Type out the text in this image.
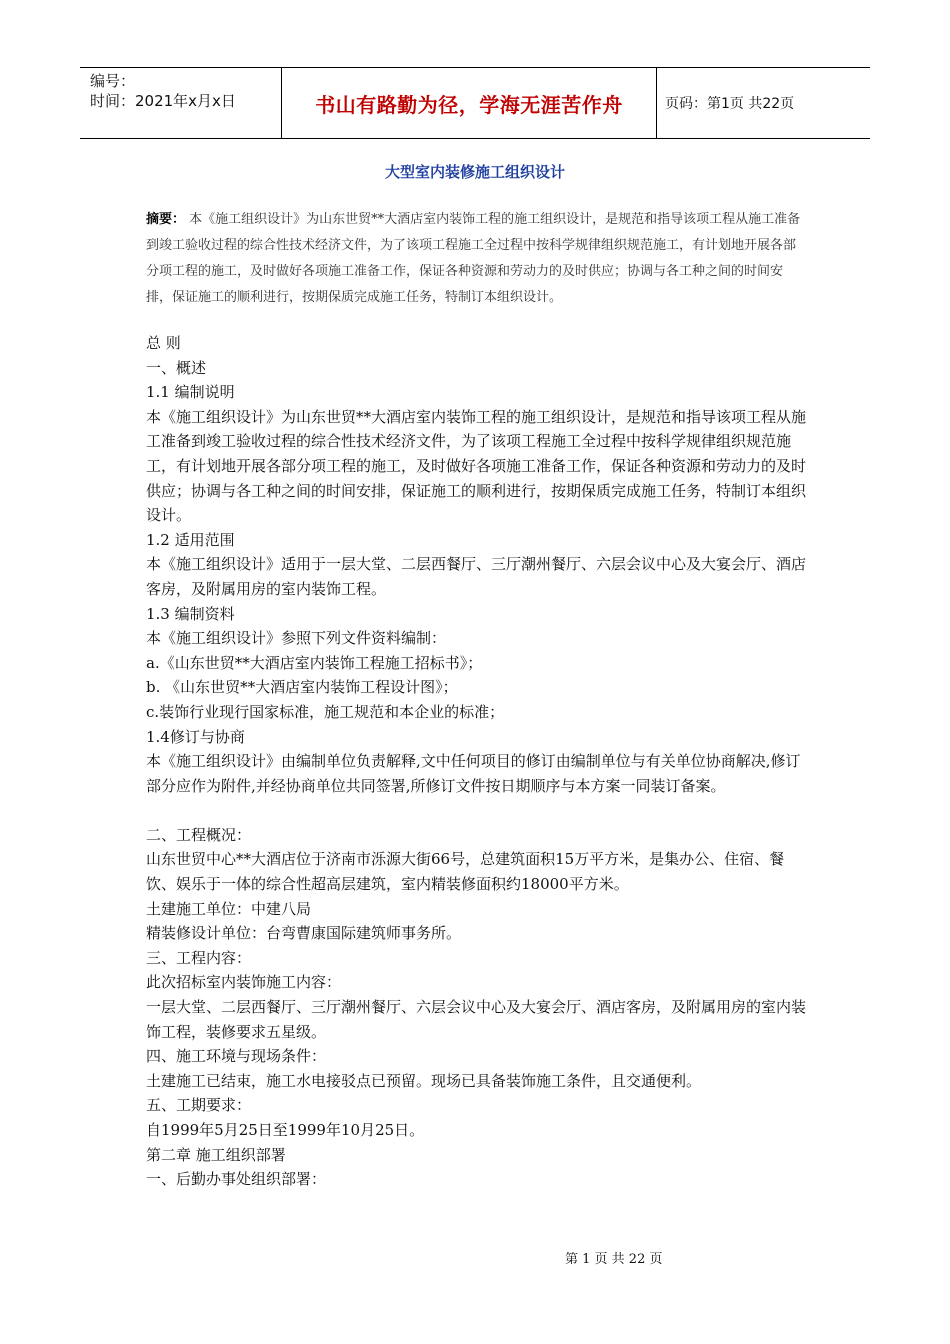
编号：
时间：2021年x月x日	书山有路勤为径，学海无涯苦作舟	页码：第1页 共22页
大型室内装修施工组织设计
摘要： 本《施工组织设计》为山东世贸**大酒店室内装饰工程的施工组织设计，是规范和指导该项工程从施工准备到竣工验收过程的综合性技术经济文件，为了该项工程施工全过程中按科学规律组织规范施工，有计划地开展各部分项工程的施工，及时做好各项施工准备工作，保证各种资源和劳动力的及时供应；协调与各工种之间的时间安排，保证施工的顺利进行，按期保质完成施工任务，特制订本组织设计。

总 则

一、概述

1.1 编制说明

本《施工组织设计》为山东世贸**大酒店室内装饰工程的施工组织设计，是规范和指导该项工程从施工准备到竣工验收过程的综合性技术经济文件，为了该项工程施工全过程中按科学规律组织规范施工，有计划地开展各部分项工程的施工，及时做好各项施工准备工作，保证各种资源和劳动力的及时供应；协调与各工种之间的时间安排，保证施工的顺利进行，按期保质完成施工任务，特制订本组织设计。

1.2 适用范围

本《施工组织设计》适用于一层大堂、二层西餐厅、三厅潮州餐厅、六层会议中心及大宴会厅、酒店客房，及附属用房的室内装饰工程。

1.3 编制资料

本《施工组织设计》参照下列文件资料编制：

a.《山东世贸**大酒店室内装饰工程施工招标书》；

b. 《山东世贸**大酒店室内装饰工程设计图》；

c.装饰行业现行国家标准，施工规范和本企业的标准；

1.4修订与协商

本《施工组织设计》由编制单位负责解释,文中任何项目的修订由编制单位与有关单位协商解决,修订部分应作为附件,并经协商单位共同签署,所修订文件按日期顺序与本方案一同装订备案。

二、工程概况：

山东世贸中心**大酒店位于济南市泺源大街66号，总建筑面积15万平方米，是集办公、住宿、餐饮、娱乐于一体的综合性超高层建筑，室内精装修面积约18000平方米。

土建施工单位：中建八局

精装修设计单位：台弯曹康国际建筑师事务所。

三、工程内容：

此次招标室内装饰施工内容：

一层大堂、二层西餐厅、三厅潮州餐厅、六层会议中心及大宴会厅、酒店客房，及附属用房的室内装饰工程，装修要求五星级。

四、施工环境与现场条件：

土建施工已结束，施工水电接驳点已预留。现场已具备装饰施工条件，且交通便利。

五、工期要求：

自1999年5月25日至1999年10月25日。

第二章 施工组织部署

一、后勤办事处组织部署：

第 1 页 共 22 页
